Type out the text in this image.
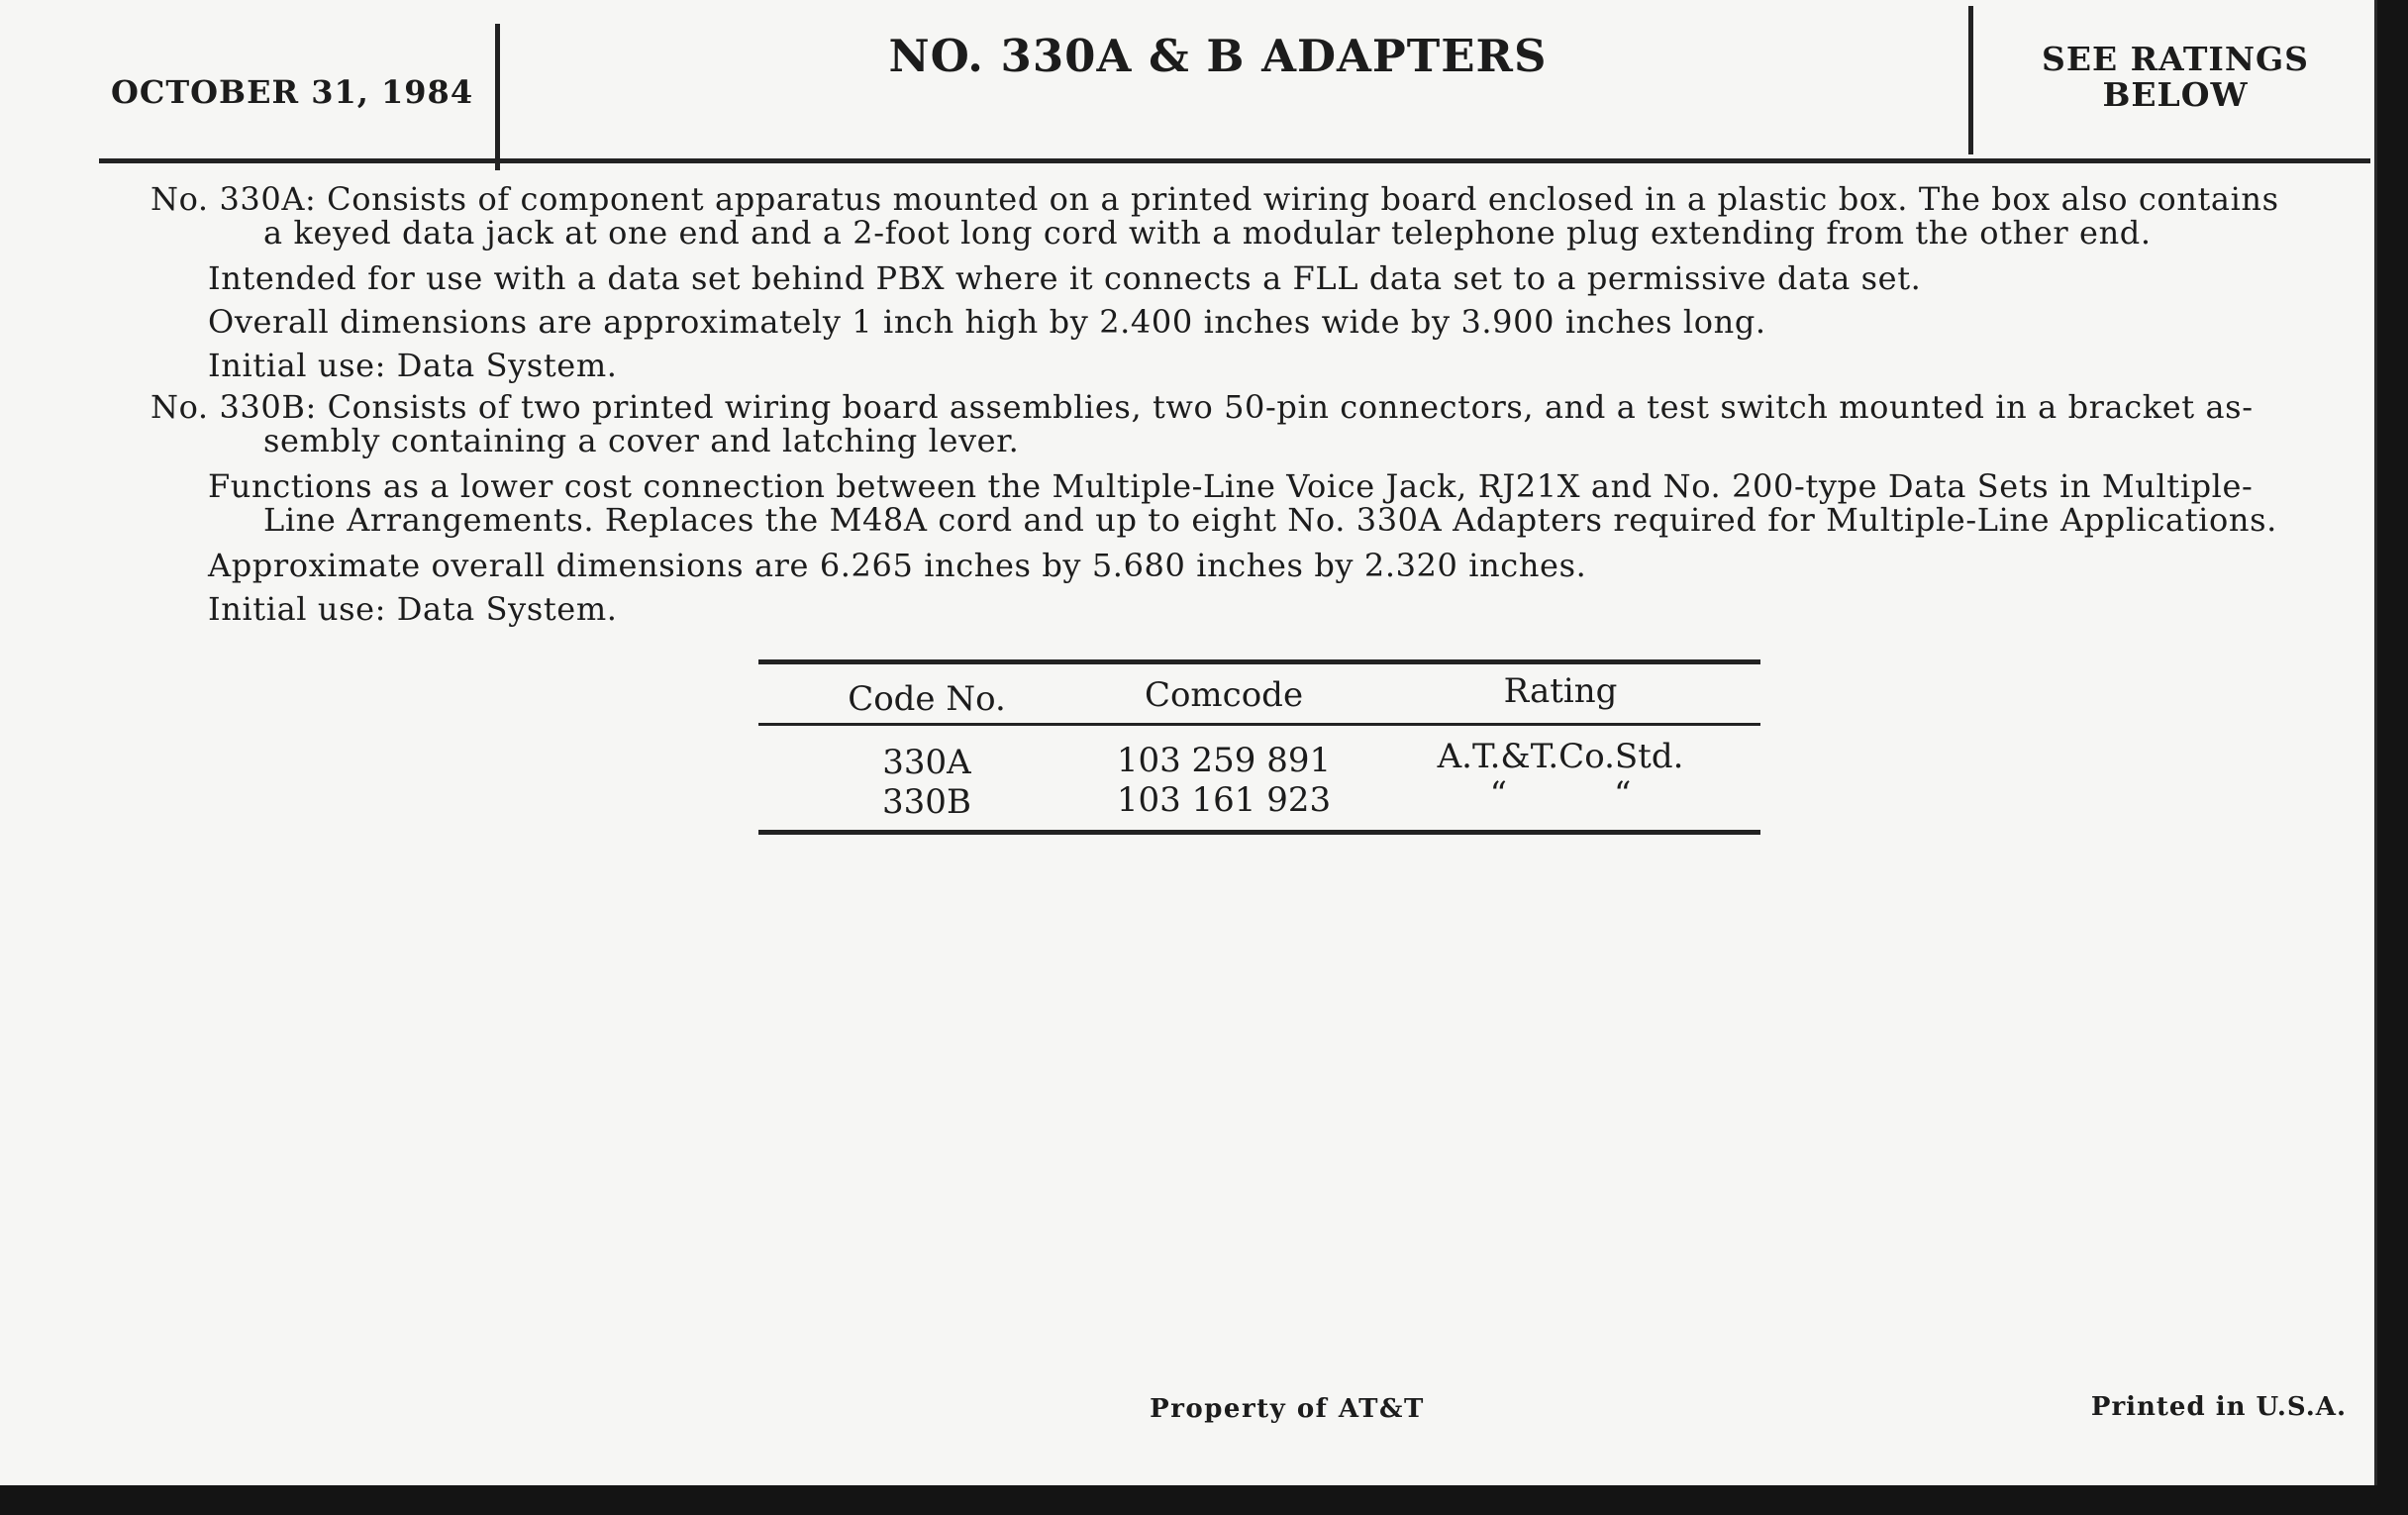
OCTOBER 31, 1984
NO. 330A & B ADAPTERS	SEE RATINGS
BELOW
No. 330A: Consists of component apparatus mounted on a printed wiring board enclosed in a plastic box. The box also contains
a keyed data jack at one end and a 2-foot long cord with a modular telephone plug extending from the other end.
Intended for use with a data set behind PBX where it connects a FLL data set to a permissive data set.
Overall dimensions are approximately 1 inch high by 2.400 inches wide by 3.900 inches long.
Initial use: Data System.
No. 330B: Consists of two printed wiring board assemblies, two 50-pin connectors, and a test switch mounted in a bracket as-
sembly containing a cover and latching lever.
Functions as a lower cost connection between the Multiple-Line Voice Jack, RJ21X and No. 200-type Data Sets in Multiple-
Line Arrangements. Replaces the M48A cord and up to eight No. 330A Adapters required for Multiple-Line Applications.
Approximate overall dimensions are 6.265 inches by 5.680 inches by 2.320 inches.
Initial use: Data System.
Code No.	Comcode	Rating
330A	103 259 891	A.T.&T.Co.Std.
330B	103 161 923	“          “
Property of AT&T	Printed in U.S.A.
